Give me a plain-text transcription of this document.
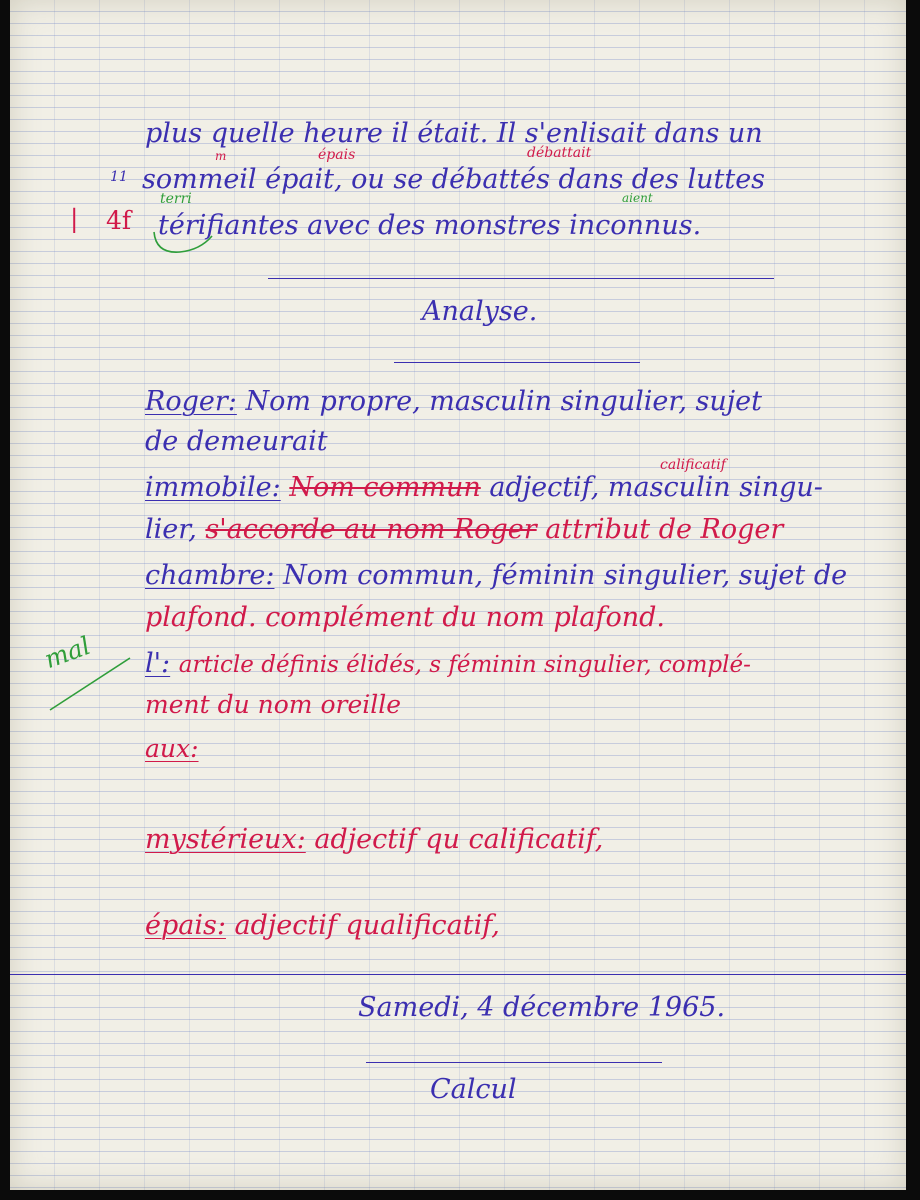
plus quelle heure il était. Il s'enlisait dans un
sommeil épait, ou se débattés dans des luttes
m	épais	débattait
aient
11
térifiantes avec des monstres inconnus.
terri
| 4f
Analyse.
Roger: Nom propre, masculin singulier, sujet
de demeurait
calificatif
immobile: Nom commun adjectif, masculin singu-
lier, s'accorde au nom Roger attribut de Roger
chambre: Nom commun, féminin singulier, sujet de
plafond. complément du nom plafond.
mal l': article définis élidés, s féminin singulier, complé-
ment du nom oreille
aux:
mystérieux: adjectif qu calificatif,
épais: adjectif qualificatif,
Samedi, 4 décembre 1965.
Calcul
